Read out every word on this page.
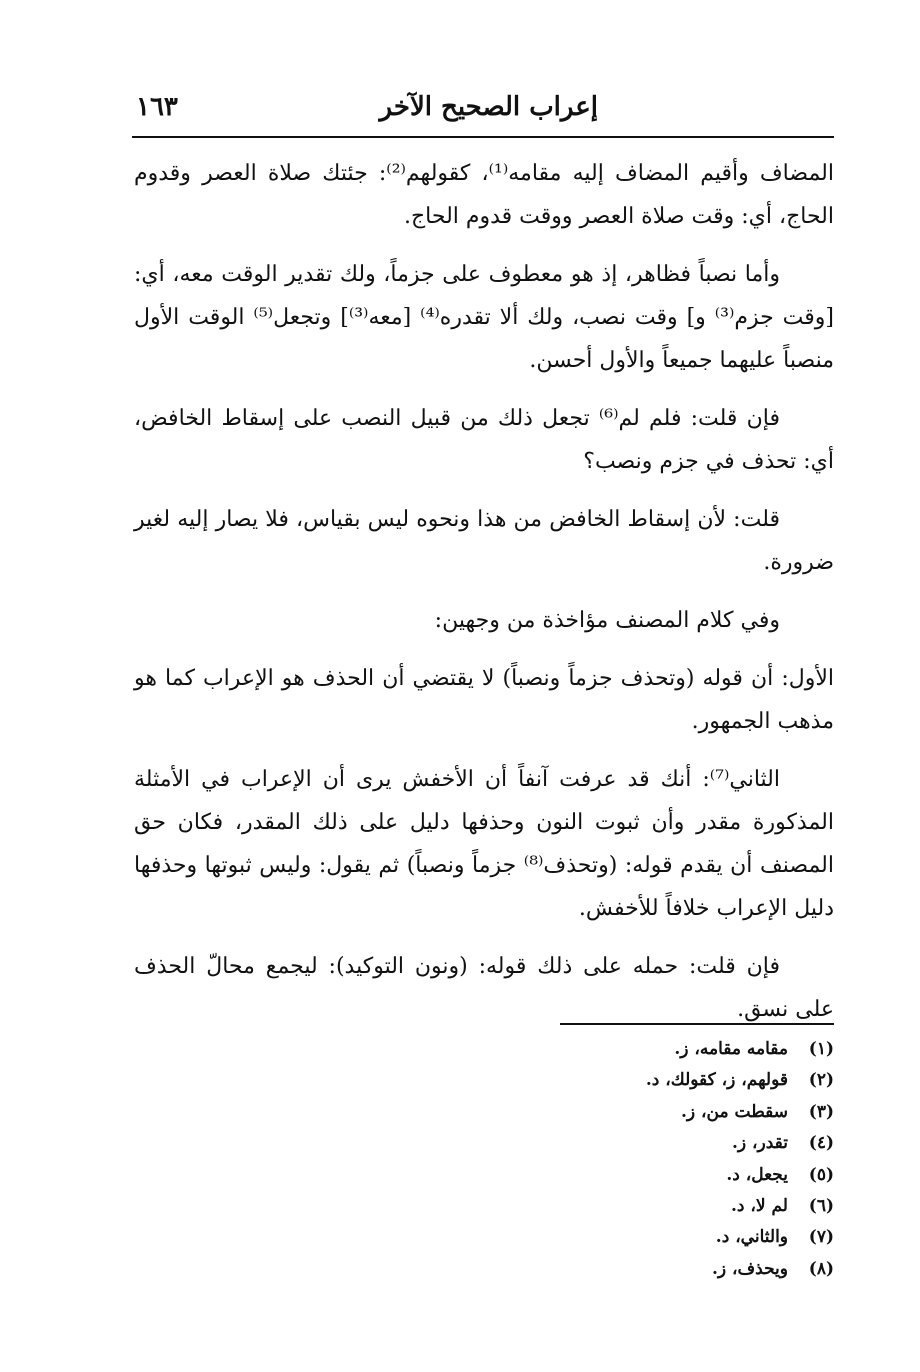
إعراب الصحيح الآخر
١٦٣

المضاف وأقيم المضاف إليه مقامه⁽¹⁾، كقولهم⁽²⁾: جئتك صلاة العصر وقدوم الحاج، أي: وقت صلاة العصر ووقت قدوم الحاج.

وأما نصباً فظاهر، إذ هو معطوف على جزماً، ولك تقدير الوقت معه، أي: [وقت جزم⁽³⁾ و] وقت نصب، ولك ألا تقدره⁽⁴⁾ [معه⁽³⁾] وتجعل⁽⁵⁾ الوقت الأول منصباً عليهما جميعاً والأول أحسن.

فإن قلت: فلم لم⁽⁶⁾ تجعل ذلك من قبيل النصب على إسقاط الخافض، أي: تحذف في جزم ونصب؟

قلت: لأن إسقاط الخافض من هذا ونحوه ليس بقياس، فلا يصار إليه لغير ضرورة.

وفي كلام المصنف مؤاخذة من وجهين:

الأول: أن قوله (وتحذف جزماً ونصباً) لا يقتضي أن الحذف هو الإعراب كما هو مذهب الجمهور.

الثاني⁽⁷⁾: أنك قد عرفت آنفاً أن الأخفش يرى أن الإعراب في الأمثلة المذكورة مقدر وأن ثبوت النون وحذفها دليل على ذلك المقدر، فكان حق المصنف أن يقدم قوله: (وتحذف⁽⁸⁾ جزماً ونصباً) ثم يقول: وليس ثبوتها وحذفها دليل الإعراب خلافاً للأخفش.

فإن قلت: حمله على ذلك قوله: (ونون التوكيد): ليجمع محالّ الحذف على نسق.

(١)مقامه مقامه، ز.
(٢)قولهم، ز، كقولك، د.
(٣)سقطت من، ز.
(٤)تقدر، ز.
(٥)يجعل، د.
(٦)لم لا، د.
(٧)والثاني، د.
(٨)ويحذف، ز.
